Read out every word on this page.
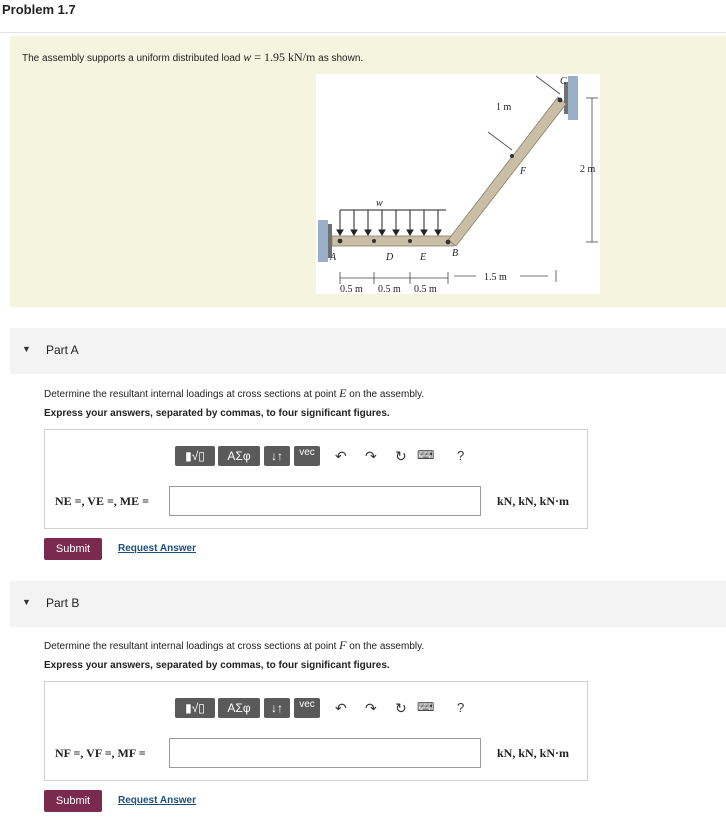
Problem 1.7
The assembly supports a uniform distributed load w = 1.95 kN/m as shown.
w
A	D	E	B
C
F
1 m
2 m
1.5 m
0.5 m 0.5 m 0.5 m
▼ Part A
Determine the resultant internal loadings at cross sections at point E on the assembly.
Express your answers, separated by commas, to four significant figures.
▮√▯	ΑΣφ	↓↑	vec	↶ ↷ ↻ ⌨ ?
NE =, VE =, ME =	kN, kN, kN·m
Submit	Request Answer
▼ Part B
Determine the resultant internal loadings at cross sections at point F on the assembly.
Express your answers, separated by commas, to four significant figures.
▮√▯	ΑΣφ	↓↑	vec	↶ ↷ ↻ ⌨ ?
NF =, VF =, MF =	kN, kN, kN·m
Submit	Request Answer
